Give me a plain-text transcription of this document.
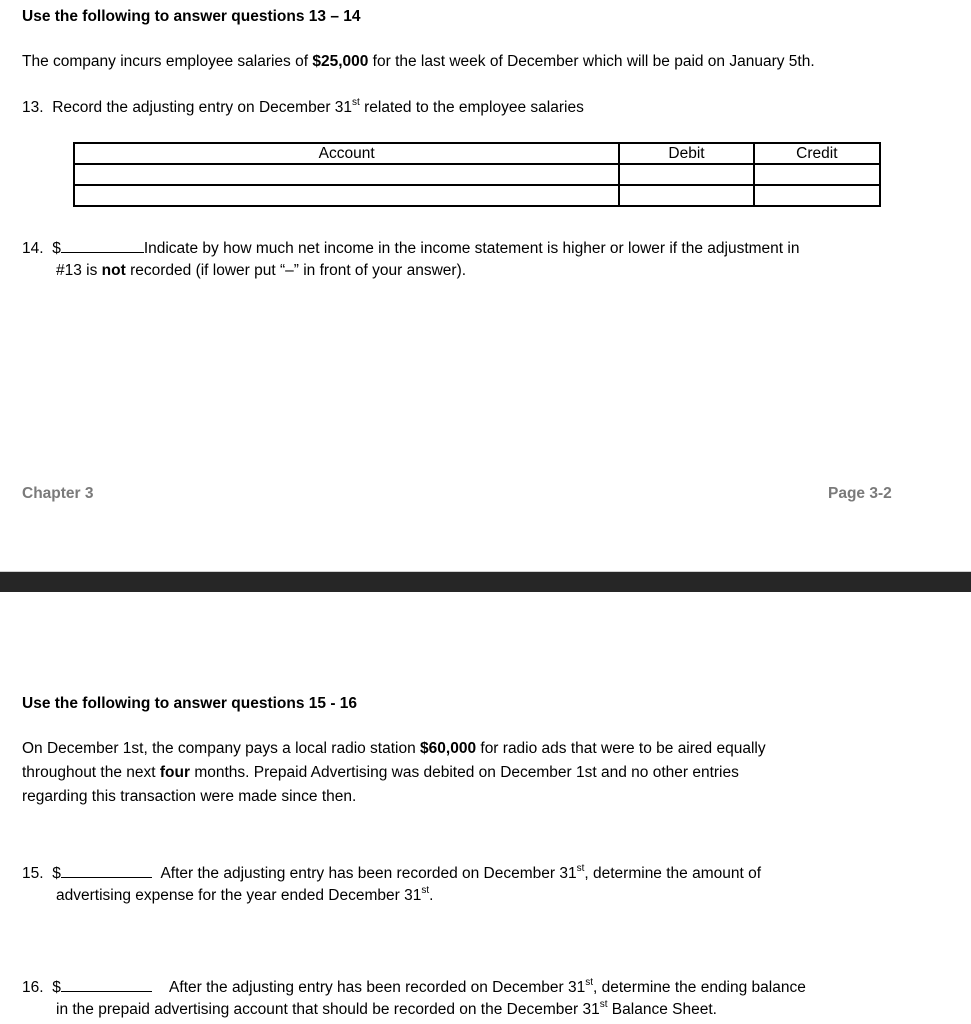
Use the following to answer questions 13 – 14
The company incurs employee salaries of $25,000 for the last week of December which will be paid on January 5th.
13. Record the adjusting entry on December 31st related to the employee salaries
Account	Debit	Credit

14. $	Indicate by how much net income in the income statement is higher or lower if the adjustment in
#13 is not recorded (if lower put “–” in front of your answer).
Chapter 3	Page 3-2
Use the following to answer questions 15 - 16
On December 1st, the company pays a local radio station $60,000 for radio ads that were to be aired equally
throughout the next four months. Prepaid Advertising was debited on December 1st and no other entries
regarding this transaction were made since then.
15. $	After the adjusting entry has been recorded on December 31st, determine the amount of
advertising expense for the year ended December 31st.
16. $	After the adjusting entry has been recorded on December 31st, determine the ending balance
in the prepaid advertising account that should be recorded on the December 31st Balance Sheet.
